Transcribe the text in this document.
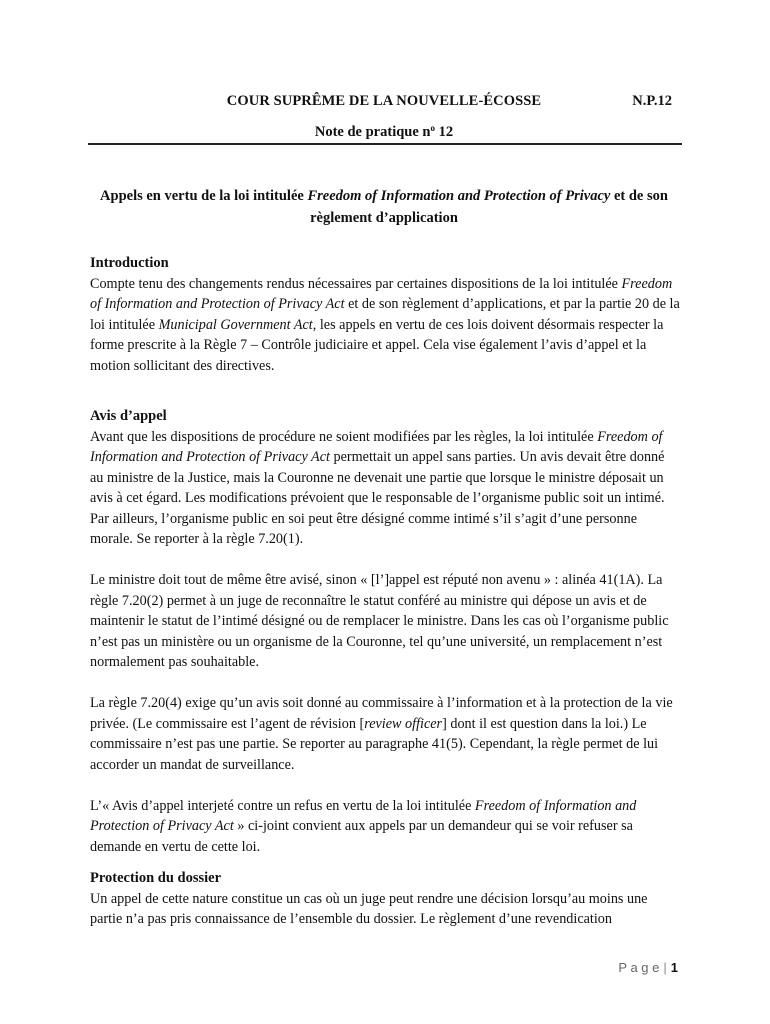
COUR SUPRÊME DE LA NOUVELLE-ÉCOSSE	N.P.12
Note de pratique $n^o$ 12
Appels en vertu de la loi intitulée Freedom of Information and Protection of Privacy et de son règlement d’application
Introduction

Compte tenu des changements rendus nécessaires par certaines dispositions de la loi intitulée Freedom of Information and Protection of Privacy Act et de son règlement d’applications, et par la partie 20 de la loi intitulée Municipal Government Act, les appels en vertu de ces lois doivent désormais respecter la forme prescrite à la Règle 7 – Contrôle judiciaire et appel. Cela vise également l’avis d’appel et la motion sollicitant des directives.

Avis d’appel

Avant que les dispositions de procédure ne soient modifiées par les règles, la loi intitulée Freedom of Information and Protection of Privacy Act permettait un appel sans parties. Un avis devait être donné au ministre de la Justice, mais la Couronne ne devenait une partie que lorsque le ministre déposait un avis à cet égard. Les modifications prévoient que le responsable de l’organisme public soit un intimé. Par ailleurs, l’organisme public en soi peut être désigné comme intimé s’il s’agit d’une personne morale. Se reporter à la règle 7.20(1).

Le ministre doit tout de même être avisé, sinon « [l’]appel est réputé non avenu » : alinéa 41(1A). La règle 7.20(2) permet à un juge de reconnaître le statut conféré au ministre qui dépose un avis et de maintenir le statut de l’intimé désigné ou de remplacer le ministre. Dans les cas où l’organisme public n’est pas un ministère ou un organisme de la Couronne, tel qu’une université, un remplacement n’est normalement pas souhaitable.

La règle 7.20(4) exige qu’un avis soit donné au commissaire à l’information et à la protection de la vie privée. (Le commissaire est l’agent de révision [review officer] dont il est question dans la loi.) Le commissaire n’est pas une partie. Se reporter au paragraphe 41(5). Cependant, la règle permet de lui accorder un mandat de surveillance.

L’« Avis d’appel interjeté contre un refus en vertu de la loi intitulée Freedom of Information and Protection of Privacy Act » ci-joint convient aux appels par un demandeur qui se voir refuser sa demande en vertu de cette loi.

Protection du dossier

Un appel de cette nature constitue un cas où un juge peut rendre une décision lorsqu’au moins une partie n’a pas pris connaissance de l’ensemble du dossier. Le règlement d’une revendication

P a g e | 1
